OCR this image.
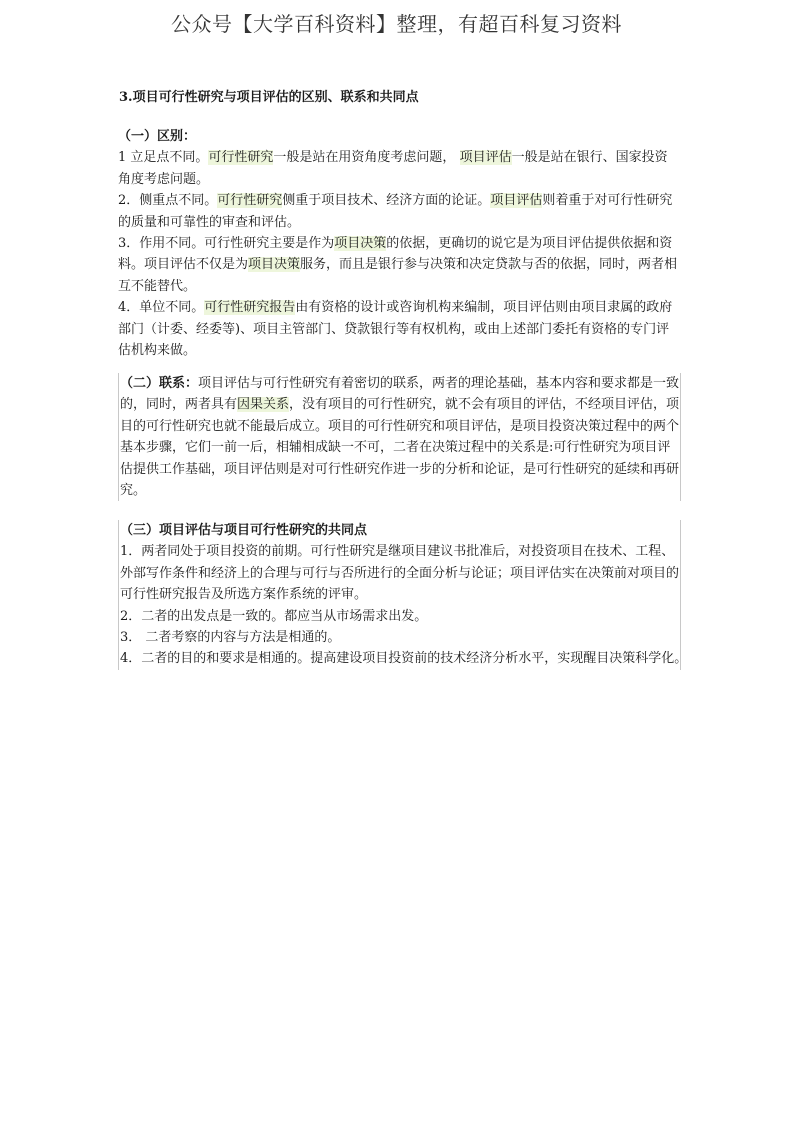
公众号【大学百科资料】整理，有超百科复习资料
3.项目可行性研究与项目评估的区别、联系和共同点

（一）区别：

1 立足点不同。可行性研究一般是站在用资角度考虑问题， 项目评估一般是站在银行、国家投资角度考虑问题。

2．侧重点不同。可行性研究侧重于项目技术、经济方面的论证。项目评估则着重于对可行性研究的质量和可靠性的审查和评估。

3．作用不同。可行性研究主要是作为项目决策的依据，更确切的说它是为项目评估提供依据和资料。项目评估不仅是为项目决策服务，而且是银行参与决策和决定贷款与否的依据，同时，两者相互不能替代。

4．单位不同。可行性研究报告由有资格的设计或咨询机构来编制，项目评估则由项目隶属的政府部门（计委、经委等)、项目主管部门、贷款银行等有权机构，或由上述部门委托有资格的专门评估机构来做。

（二）联系：项目评估与可行性研究有着密切的联系，两者的理论基础，基本内容和要求都是一致的，同时，两者具有因果关系，没有项目的可行性研究，就不会有项目的评估，不经项目评估，项目的可行性研究也就不能最后成立。项目的可行性研究和项目评估，是项目投资决策过程中的两个基本步骤，它们一前一后，相辅相成缺一不可，二者在决策过程中的关系是:可行性研究为项目评估提供工作基础，项目评估则是对可行性研究作进一步的分析和论证，是可行性研究的延续和再研究。

（三）项目评估与项目可行性研究的共同点

1．两者同处于项目投资的前期。可行性研究是继项目建议书批准后，对投资项目在技术、工程、外部写作条件和经济上的合理与可行与否所进行的全面分析与论证；项目评估实在决策前对项目的可行性研究报告及所选方案作系统的评审。

2．二者的出发点是一致的。都应当从市场需求出发。

3． 二者考察的内容与方法是相通的。

4．二者的目的和要求是相通的。提高建设项目投资前的技术经济分析水平，实现醒目决策科学化。
